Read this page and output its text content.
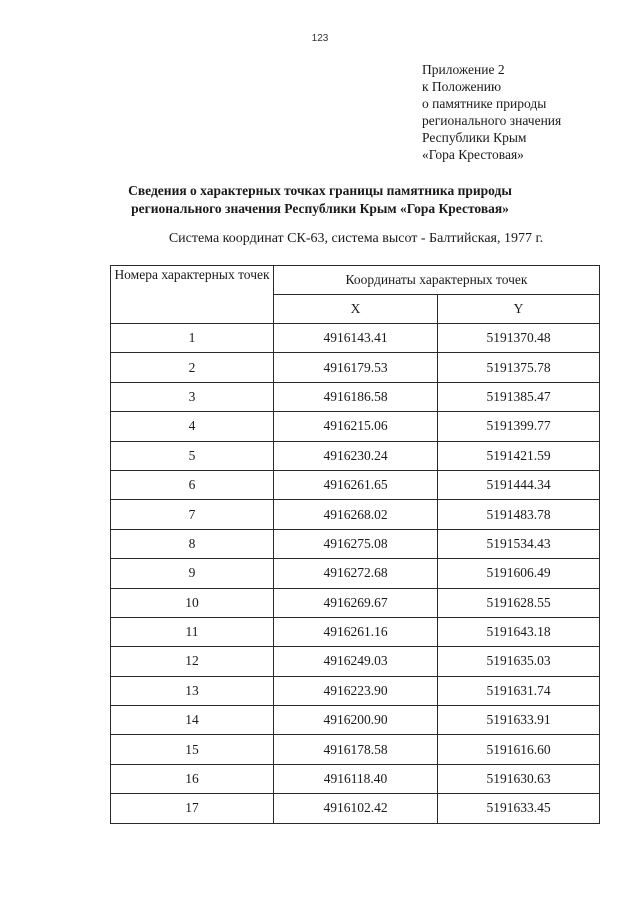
123
Приложение 2
к Положению
о памятнике природы
регионального значения
Республики Крым
«Гора Крестовая»
Сведения о характерных точках границы памятника природы
регионального значения Республики Крым «Гора Крестовая»
Система координат СК-63, система высот - Балтийская, 1977 г.
Номера характерных точек	Координаты характерных точек	
	X	Y
1	4916143.41	5191370.48
2	4916179.53	5191375.78
3	4916186.58	5191385.47
4	4916215.06	5191399.77
5	4916230.24	5191421.59
6	4916261.65	5191444.34
7	4916268.02	5191483.78
8	4916275.08	5191534.43
9	4916272.68	5191606.49
10	4916269.67	5191628.55
11	4916261.16	5191643.18
12	4916249.03	5191635.03
13	4916223.90	5191631.74
14	4916200.90	5191633.91
15	4916178.58	5191616.60
16	4916118.40	5191630.63
17	4916102.42	5191633.45
